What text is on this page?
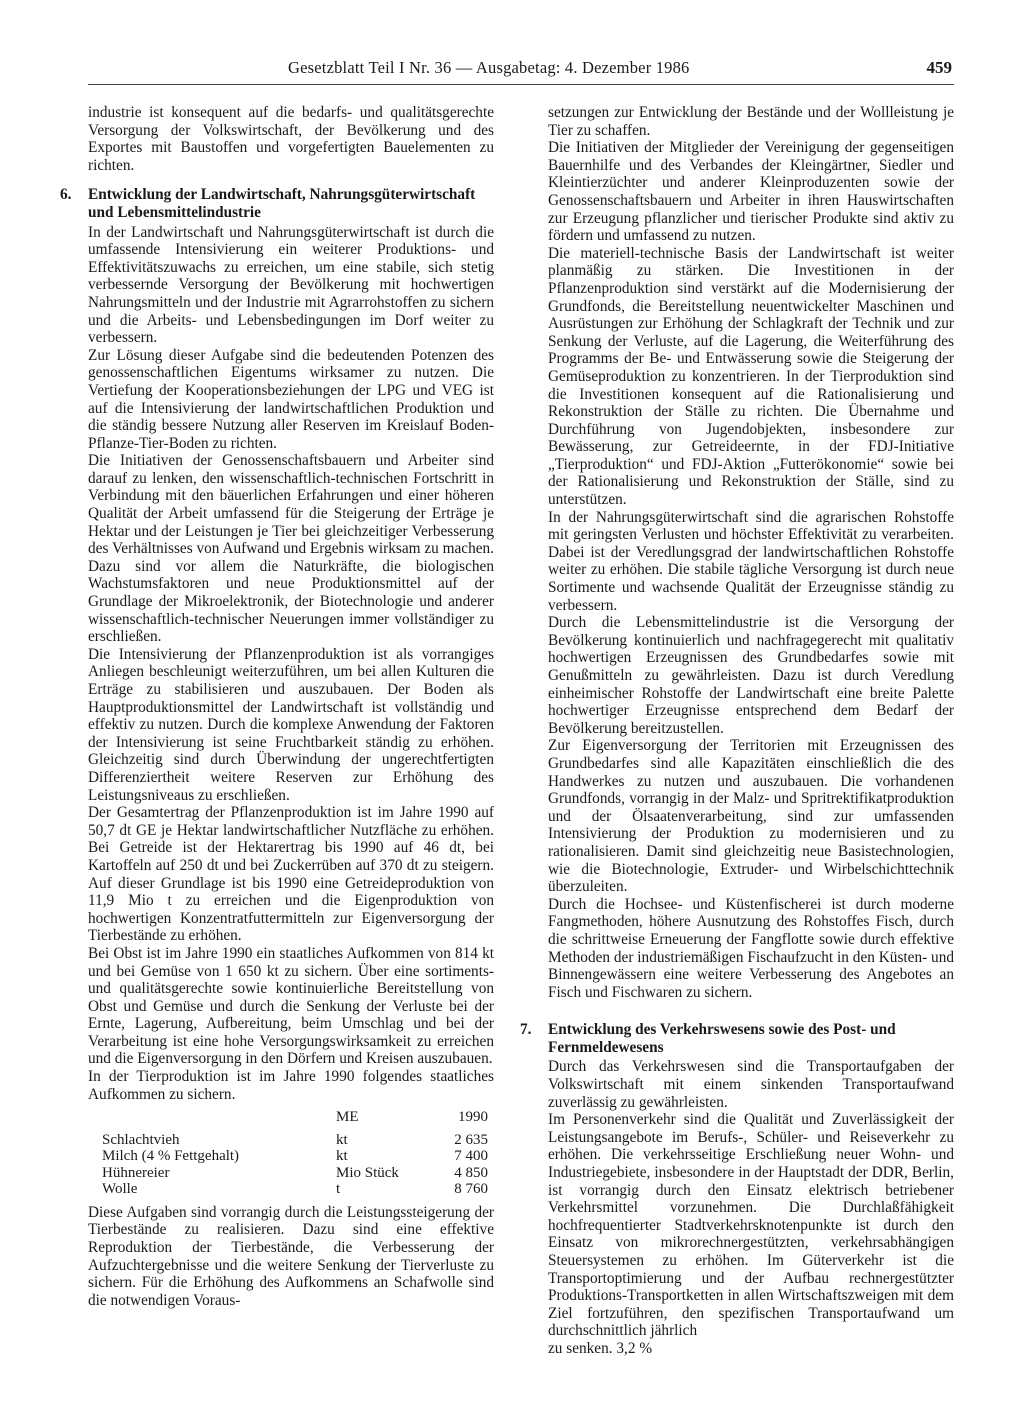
Gesetzblatt Teil I Nr. 36 — Ausgabetag: 4. Dezember 1986	459

industrie ist konsequent auf die bedarfs- und qualitätsgerechte Versorgung der Volkswirtschaft, der Bevölkerung und des Exportes mit Baustoffen und vorgefertigten Bauelementen zu richten.

6. Entwicklung der Landwirtschaft, Nahrungsgüterwirtschaft und Lebensmittelindustrie

In der Landwirtschaft und Nahrungsgüterwirtschaft ist durch die umfassende Intensivierung ein weiterer Produktions- und Effektivitätszuwachs zu erreichen, um eine stabile, sich stetig verbessernde Versorgung der Bevölkerung mit hochwertigen Nahrungsmitteln und der Industrie mit Agrarrohstoffen zu sichern und die Arbeits- und Lebensbedingungen im Dorf weiter zu verbessern.

Zur Lösung dieser Aufgabe sind die bedeutenden Potenzen des genossenschaftlichen Eigentums wirksamer zu nutzen. Die Vertiefung der Kooperationsbeziehungen der LPG und VEG ist auf die Intensivierung der landwirtschaftlichen Produktion und die ständig bessere Nutzung aller Reserven im Kreislauf Boden-Pflanze-Tier-Boden zu richten.

Die Initiativen der Genossenschaftsbauern und Arbeiter sind darauf zu lenken, den wissenschaftlich-technischen Fortschritt in Verbindung mit den bäuerlichen Erfahrungen und einer höheren Qualität der Arbeit umfassend für die Steigerung der Erträge je Hektar und der Leistungen je Tier bei gleichzeitiger Verbesserung des Verhältnisses von Aufwand und Ergebnis wirksam zu machen. Dazu sind vor allem die Naturkräfte, die biologischen Wachstumsfaktoren und neue Produktionsmittel auf der Grundlage der Mikroelektronik, der Biotechnologie und anderer wissenschaftlich-technischer Neuerungen immer vollständiger zu erschließen.

Die Intensivierung der Pflanzenproduktion ist als vorrangiges Anliegen beschleunigt weiterzuführen, um bei allen Kulturen die Erträge zu stabilisieren und auszubauen. Der Boden als Hauptproduktionsmittel der Landwirtschaft ist vollständig und effektiv zu nutzen. Durch die komplexe Anwendung der Faktoren der Intensivierung ist seine Fruchtbarkeit ständig zu erhöhen. Gleichzeitig sind durch Überwindung der ungerechtfertigten Differenziertheit weitere Reserven zur Erhöhung des Leistungsniveaus zu erschließen.

Der Gesamtertrag der Pflanzenproduktion ist im Jahre 1990 auf 50,7 dt GE je Hektar landwirtschaftlicher Nutzfläche zu erhöhen. Bei Getreide ist der Hektarertrag bis 1990 auf 46 dt, bei Kartoffeln auf 250 dt und bei Zuckerrüben auf 370 dt zu steigern. Auf dieser Grundlage ist bis 1990 eine Getreideproduktion von 11,9 Mio t zu erreichen und die Eigenproduktion von hochwertigen Konzentratfuttermitteln zur Eigenversorgung der Tierbestände zu erhöhen.

Bei Obst ist im Jahre 1990 ein staatliches Aufkommen von 814 kt und bei Gemüse von 1 650 kt zu sichern. Über eine sortiments- und qualitätsgerechte sowie kontinuierliche Bereitstellung von Obst und Gemüse und durch die Senkung der Verluste bei der Ernte, Lagerung, Aufbereitung, beim Umschlag und bei der Verarbeitung ist eine hohe Versorgungswirksamkeit zu erreichen und die Eigenversorgung in den Dörfern und Kreisen auszubauen.

In der Tierproduktion ist im Jahre 1990 folgendes staatliches Aufkommen zu sichern.

	ME	1990
Schlachtvieh	kt	2 635
Milch (4 % Fettgehalt)	kt	7 400
Hühnereier	Mio Stück	4 850
Wolle	t	8 760

Diese Aufgaben sind vorrangig durch die Leistungssteigerung der Tierbestände zu realisieren. Dazu sind eine effektive Reproduktion der Tierbestände, die Verbesserung der Aufzuchtergebnisse und die weitere Senkung der Tierverluste zu sichern. Für die Erhöhung des Aufkommens an Schafwolle sind die notwendigen Voraus-

setzungen zur Entwicklung der Bestände und der Wollleistung je Tier zu schaffen.

Die Initiativen der Mitglieder der Vereinigung der gegenseitigen Bauernhilfe und des Verbandes der Kleingärtner, Siedler und Kleintierzüchter und anderer Kleinproduzenten sowie der Genossenschaftsbauern und Arbeiter in ihren Hauswirtschaften zur Erzeugung pflanzlicher und tierischer Produkte sind aktiv zu fördern und umfassend zu nutzen.

Die materiell-technische Basis der Landwirtschaft ist weiter planmäßig zu stärken. Die Investitionen in der Pflanzenproduktion sind verstärkt auf die Modernisierung der Grundfonds, die Bereitstellung neuentwickelter Maschinen und Ausrüstungen zur Erhöhung der Schlagkraft der Technik und zur Senkung der Verluste, auf die Lagerung, die Weiterführung des Programms der Be- und Entwässerung sowie die Steigerung der Gemüseproduktion zu konzentrieren. In der Tierproduktion sind die Investitionen konsequent auf die Rationalisierung und Rekonstruktion der Ställe zu richten. Die Übernahme und Durchführung von Jugendobjekten, insbesondere zur Bewässerung, zur Getreideernte, in der FDJ-Initiative „Tierproduktion“ und FDJ-Aktion „Futterökonomie“ sowie bei der Rationalisierung und Rekonstruktion der Ställe, sind zu unterstützen.

In der Nahrungsgüterwirtschaft sind die agrarischen Rohstoffe mit geringsten Verlusten und höchster Effektivität zu verarbeiten. Dabei ist der Veredlungsgrad der landwirtschaftlichen Rohstoffe weiter zu erhöhen. Die stabile tägliche Versorgung ist durch neue Sortimente und wachsende Qualität der Erzeugnisse ständig zu verbessern.

Durch die Lebensmittelindustrie ist die Versorgung der Bevölkerung kontinuierlich und nachfragegerecht mit qualitativ hochwertigen Erzeugnissen des Grundbedarfes sowie mit Genußmitteln zu gewährleisten. Dazu ist durch Veredlung einheimischer Rohstoffe der Landwirtschaft eine breite Palette hochwertiger Erzeugnisse entsprechend dem Bedarf der Bevölkerung bereitzustellen.

Zur Eigenversorgung der Territorien mit Erzeugnissen des Grundbedarfes sind alle Kapazitäten einschließlich die des Handwerkes zu nutzen und auszubauen. Die vorhandenen Grundfonds, vorrangig in der Malz- und Spritrektifikatproduktion und der Ölsaatenverarbeitung, sind zur umfassenden Intensivierung der Produktion zu modernisieren und zu rationalisieren. Damit sind gleichzeitig neue Basistechnologien, wie die Biotechnologie, Extruder- und Wirbelschichttechnik überzuleiten.

Durch die Hochsee- und Küstenfischerei ist durch moderne Fangmethoden, höhere Ausnutzung des Rohstoffes Fisch, durch die schrittweise Erneuerung der Fangflotte sowie durch effektive Methoden der industriemäßigen Fischaufzucht in den Küsten- und Binnengewässern eine weitere Verbesserung des Angebotes an Fisch und Fischwaren zu sichern.

7. Entwicklung des Verkehrswesens sowie des Post- und Fernmeldewesens

Durch das Verkehrswesen sind die Transportaufgaben der Volkswirtschaft mit einem sinkenden Transportaufwand zuverlässig zu gewährleisten.

Im Personenverkehr sind die Qualität und Zuverlässigkeit der Leistungsangebote im Berufs-, Schüler- und Reiseverkehr zu erhöhen. Die verkehrsseitige Erschließung neuer Wohn- und Industriegebiete, insbesondere in der Hauptstadt der DDR, Berlin, ist vorrangig durch den Einsatz elektrisch betriebener Verkehrsmittel vorzunehmen. Die Durchlaßfähigkeit hochfrequentierter Stadtverkehrsknotenpunkte ist durch den Einsatz von mikrorechnergestützten, verkehrsabhängigen Steuersystemen zu erhöhen. Im Güterverkehr ist die Transportoptimierung und der Aufbau rechnergestützter Produktions-Transportketten in allen Wirtschaftszweigen mit dem Ziel fortzuführen, den spezifischen Transportaufwand um durchschnittlich jährlich

zu senken. 3,2 %
